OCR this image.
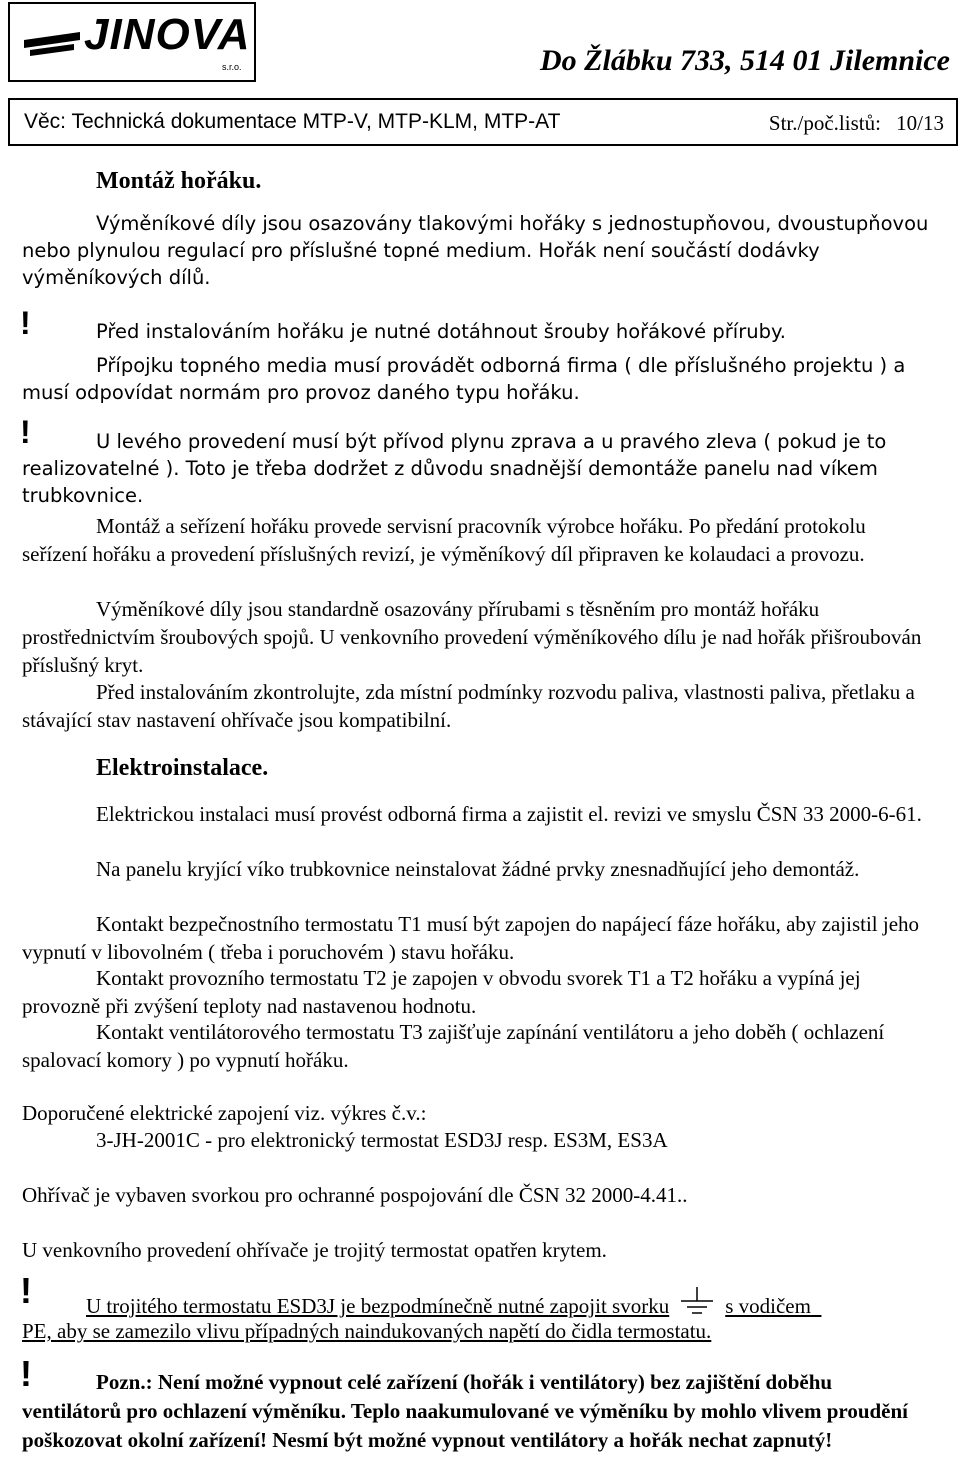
JINOVA
s.r.o.	Do Žlábku 733, 514 01 Jilemnice
Věc: Technická dokumentace MTP-V, MTP-KLM, MTP-AT	Str./poč.listů: 10/13
Montáž hořáku.

Výměníkové díly jsou osazovány tlakovými hořáky s jednostupňovou, dvoustupňovou nebo plynulou regulací pro příslušné topné medium. Hořák není součástí dodávky výměníkových dílů.

!	Před instalováním hořáku je nutné dotáhnout šrouby hořákové příruby.

Přípojku topného media musí provádět odborná firma ( dle příslušného projektu ) a musí odpovídat normám pro provoz daného typu hořáku.

!	U levého provedení musí být přívod plynu zprava a u pravého zleva ( pokud je to realizovatelné ). Toto je třeba dodržet z důvodu snadnější demontáže panelu nad víkem trubkovnice.

Montáž a seřízení hořáku provede servisní pracovník výrobce hořáku. Po předání protokolu seřízení hořáku a provedení příslušných revizí, je výměníkový díl připraven ke kolaudaci a provozu.

Výměníkové díly jsou standardně osazovány přírubami s těsněním pro montáž hořáku prostřednictvím šroubových spojů. U venkovního provedení výměníkového dílu je nad hořák přišroubován příslušný kryt.

Před instalováním zkontrolujte, zda místní podmínky rozvodu paliva, vlastnosti paliva, přetlaku a stávající stav nastavení ohřívače jsou kompatibilní.

Elektroinstalace.

Elektrickou instalaci musí provést odborná firma a zajistit el. revizi ve smyslu ČSN 33 2000-6-61.

Na panelu kryjící víko trubkovnice neinstalovat žádné prvky znesnadňující jeho demontáž.

Kontakt bezpečnostního termostatu T1 musí být zapojen do napájecí fáze hořáku, aby zajistil jeho vypnutí v libovolném ( třeba i poruchovém ) stavu hořáku.

Kontakt provozního termostatu T2 je zapojen v obvodu svorek T1 a T2 hořáku a vypíná jej provozně při zvýšení teploty nad nastavenou hodnotu.

Kontakt ventilátorového termostatu T3 zajišťuje zapínání ventilátoru a jeho doběh ( ochlazení spalovací komory ) po vypnutí hořáku.

Doporučené elektrické zapojení viz. výkres č.v.:

3-JH-2001C - pro elektronický termostat ESD3J resp. ES3M, ES3A

Ohřívač je vybaven svorkou pro ochranné pospojování dle ČSN 32 2000-4.41..

U venkovního provedení ohřívače je trojitý termostat opatřen krytem.

!	U trojitého termostatu ESD3J je bezpodmínečně nutné zapojit svorku	s vodičem

PE, aby se zamezilo vlivu případných naindukovaných napětí do čidla termostatu.

!	Pozn.: Není možné vypnout celé zařízení (hořák i ventilátory) bez zajištění doběhu ventilátorů pro ochlazení výměníku. Teplo naakumulované ve výměníku by mohlo vlivem proudění poškozovat okolní zařízení! Nesmí být možné vypnout ventilátory a hořák nechat zapnutý!
